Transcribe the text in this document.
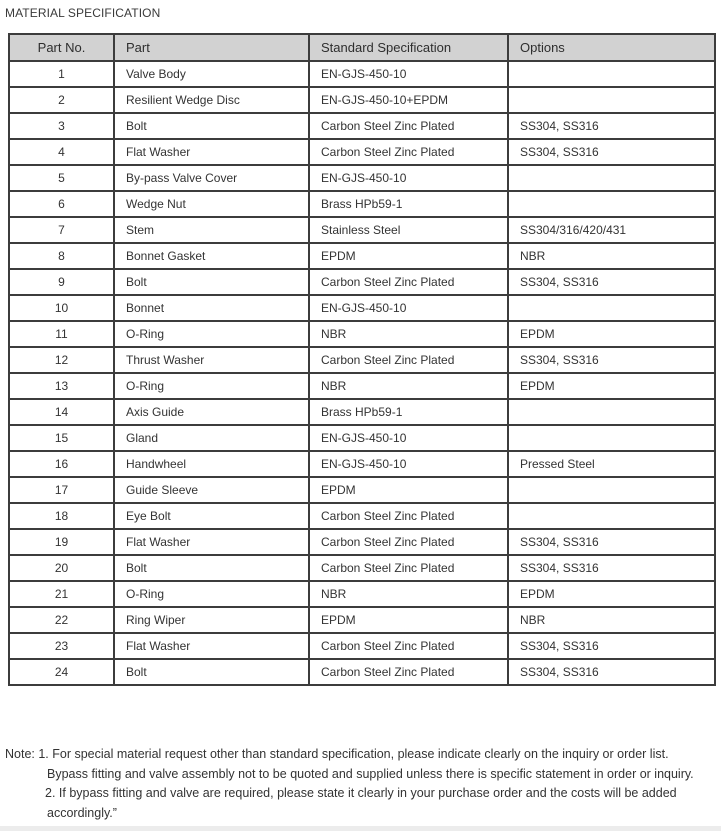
MATERIAL SPECIFICATION
Part No.	Part	Standard Specification	Options
1	Valve Body	EN-GJS-450-10	
2	Resilient Wedge Disc	EN-GJS-450-10+EPDM	
3	Bolt	Carbon Steel Zinc Plated	SS304, SS316
4	Flat Washer	Carbon Steel Zinc Plated	SS304, SS316
5	By-pass Valve Cover	EN-GJS-450-10	
6	Wedge Nut	Brass HPb59-1	
7	Stem	Stainless Steel	SS304/316/420/431
8	Bonnet Gasket	EPDM	NBR
9	Bolt	Carbon Steel Zinc Plated	SS304, SS316
10	Bonnet	EN-GJS-450-10	
11	O-Ring	NBR	EPDM
12	Thrust Washer	Carbon Steel Zinc Plated	SS304, SS316
13	O-Ring	NBR	EPDM
14	Axis Guide	Brass HPb59-1	
15	Gland	EN-GJS-450-10	
16	Handwheel	EN-GJS-450-10	Pressed Steel
17	Guide Sleeve	EPDM	
18	Eye Bolt	Carbon Steel Zinc Plated	
19	Flat Washer	Carbon Steel Zinc Plated	SS304, SS316
20	Bolt	Carbon Steel Zinc Plated	SS304, SS316
21	O-Ring	NBR	EPDM
22	Ring Wiper	EPDM	NBR
23	Flat Washer	Carbon Steel Zinc Plated	SS304, SS316
24	Bolt	Carbon Steel Zinc Plated	SS304, SS316
Note: 1. For special material request other than standard specification, please indicate clearly on the inquiry or order list.
Bypass fitting and valve assembly not to be quoted and supplied unless there is specific statement in order or inquiry.
2. If bypass fitting and valve are required, please state it clearly in your purchase order and the costs will be added
accordingly.”
